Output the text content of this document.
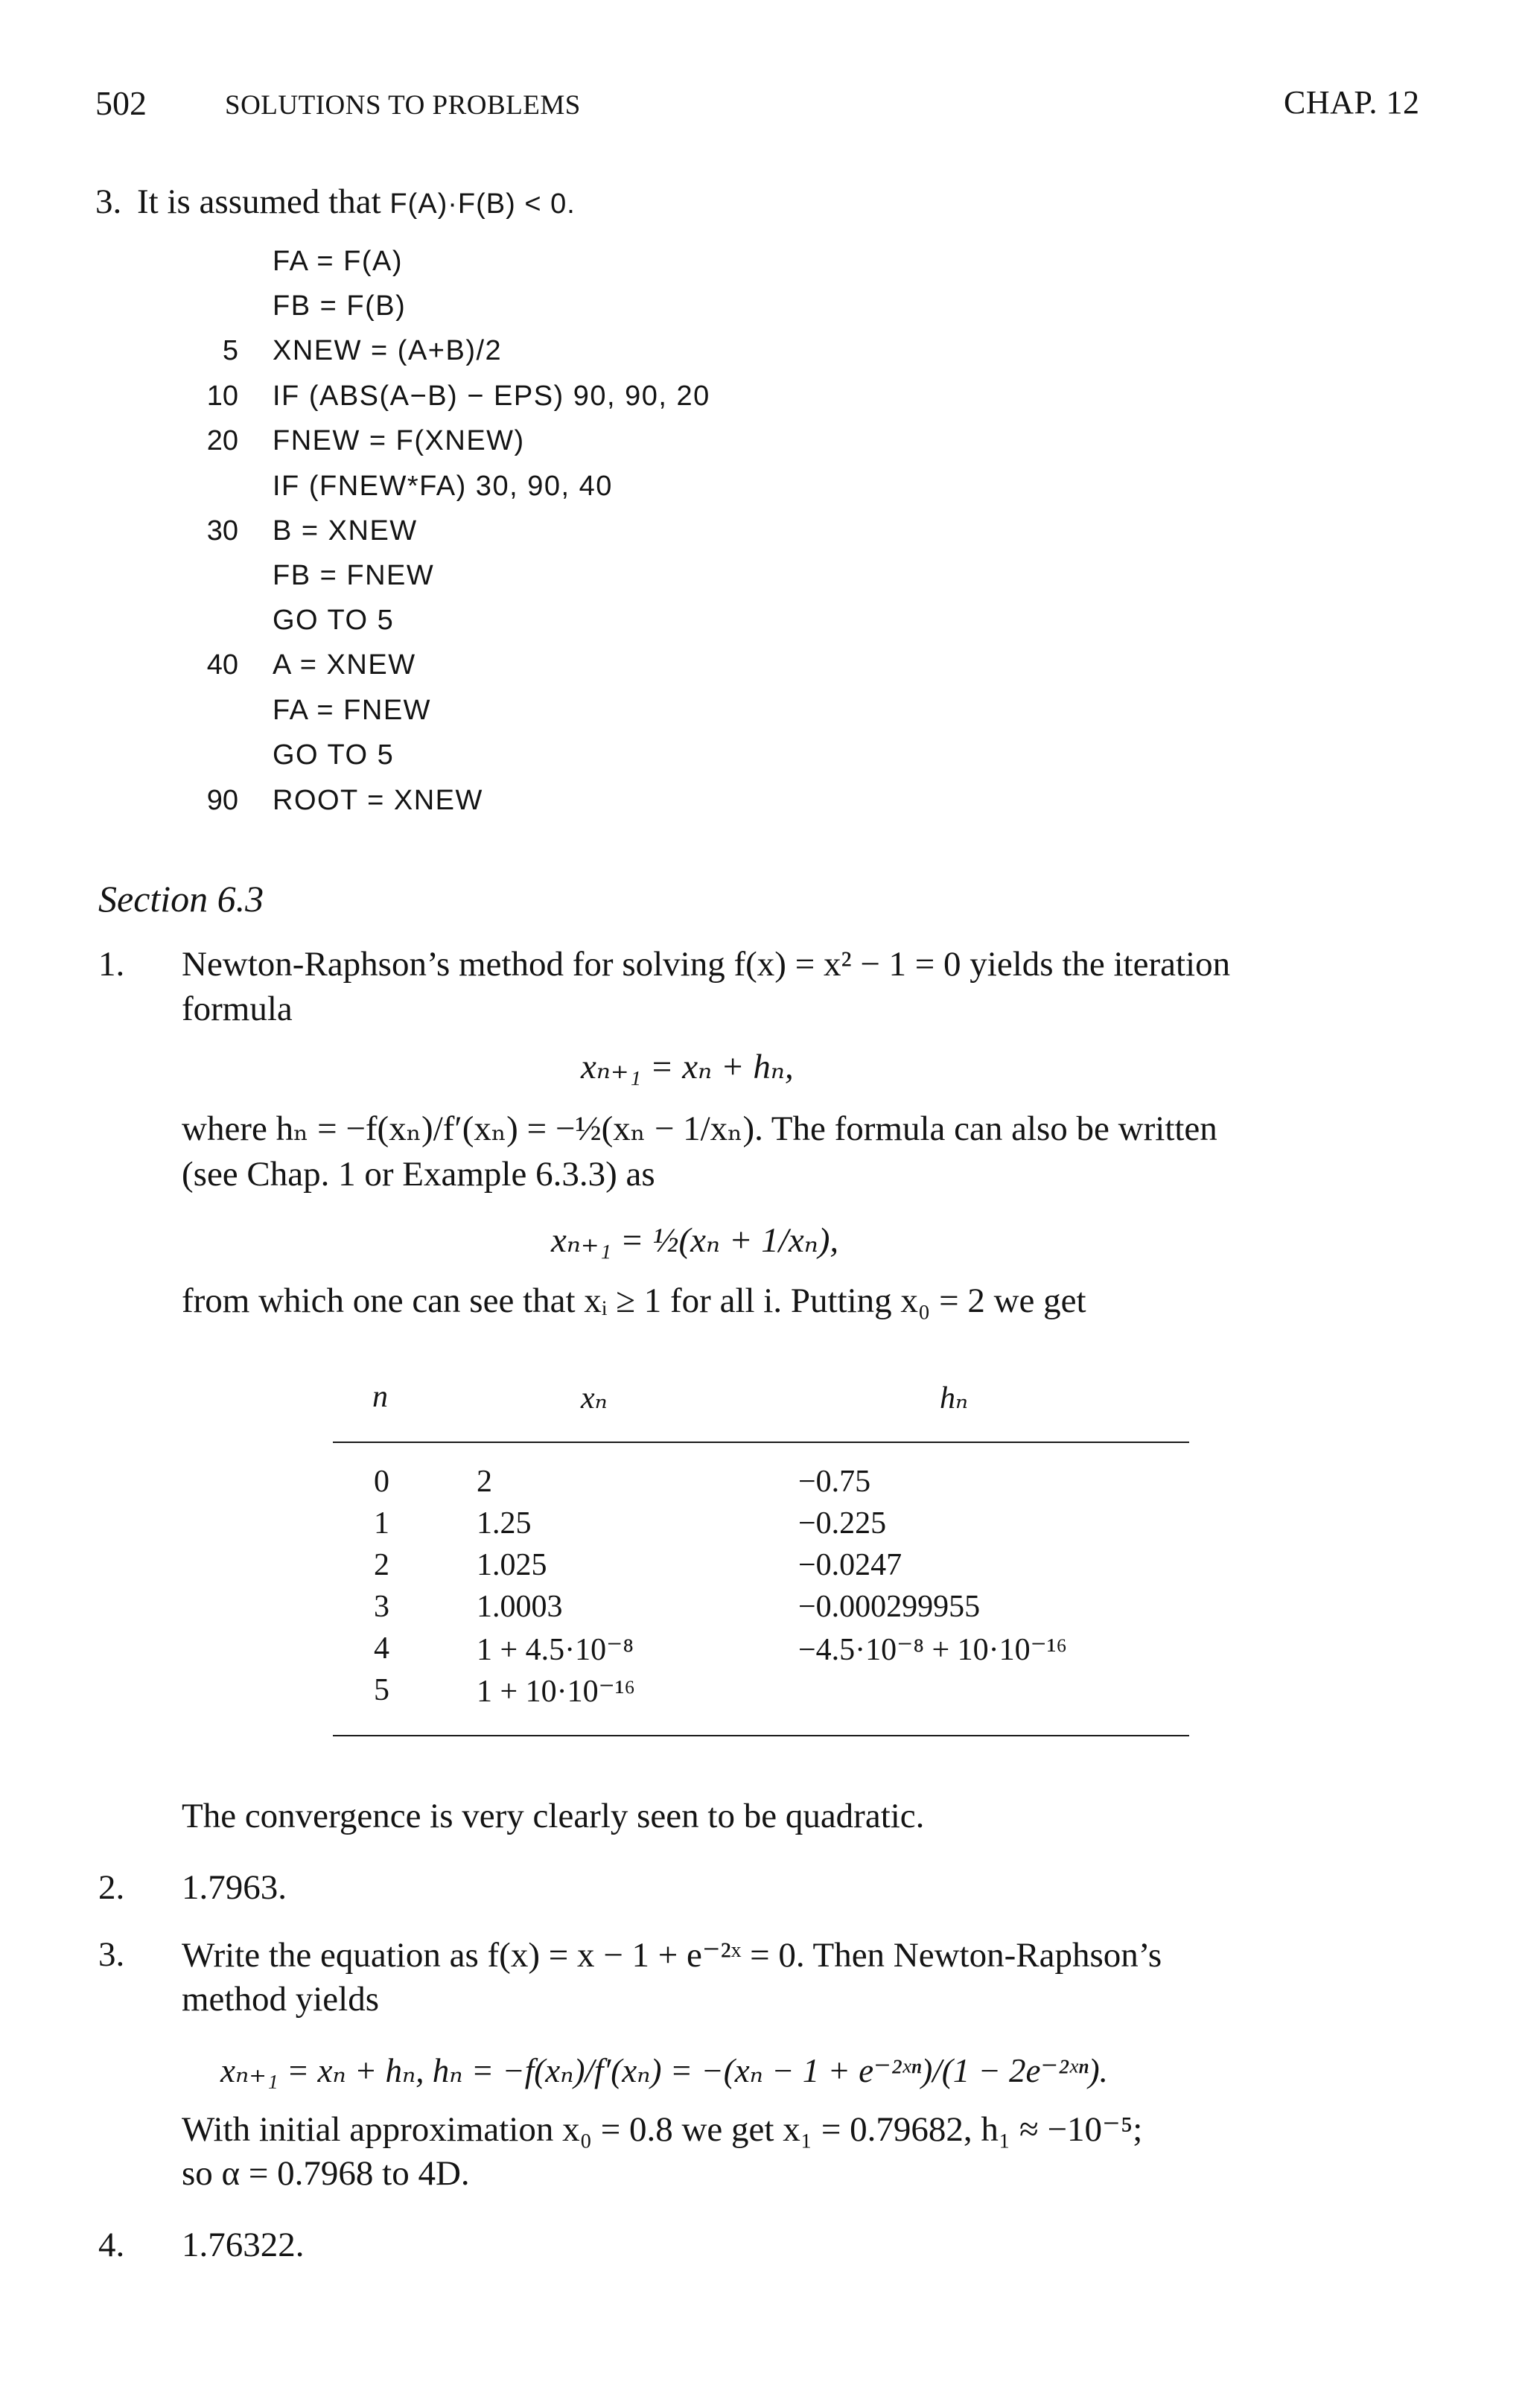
502	SOLUTIONS TO PROBLEMS	CHAP. 12
3. It is assumed that F(A)·F(B) < 0.
FA = F(A)
FB = F(B)
5 XNEW = (A+B)/2
10 IF (ABS(A−B) − EPS) 90, 90, 20
20 FNEW = F(XNEW)
IF (FNEW*FA) 30, 90, 40
30 B = XNEW
FB = FNEW
GO TO 5
40 A = XNEW
FA = FNEW
GO TO 5
90 ROOT = XNEW
Section 6.3
1. Newton-Raphson’s method for solving f(x) = x² − 1 = 0 yields the iteration
formula
xₙ₊₁ = xₙ + hₙ,
where hₙ = −f(xₙ)/f′(xₙ) = −½(xₙ − 1/xₙ). The formula can also be written
(see Chap. 1 or Example 6.3.3) as
xₙ₊₁ = ½(xₙ + 1/xₙ),
from which one can see that xᵢ ≥ 1 for all i. Putting x₀ = 2 we get
n	xₙ	hₙ
0	2	−0.75
1	1.25	−0.225
2	1.025	−0.0247
3	1.0003	−0.000299955
4	1 + 4.5·10⁻⁸	−4.5·10⁻⁸ + 10·10⁻¹⁶
5	1 + 10·10⁻¹⁶
The convergence is very clearly seen to be quadratic.
2. 1.7963.
3. Write the equation as f(x) = x − 1 + e⁻²ˣ = 0. Then Newton-Raphson’s
method yields
xₙ₊₁ = xₙ + hₙ, hₙ = −f(xₙ)/f′(xₙ) = −(xₙ − 1 + e⁻²ˣⁿ)/(1 − 2e⁻²ˣⁿ).
With initial approximation x₀ = 0.8 we get x₁ = 0.79682, h₁ ≈ −10⁻⁵;
so α = 0.7968 to 4D.
4. 1.76322.
